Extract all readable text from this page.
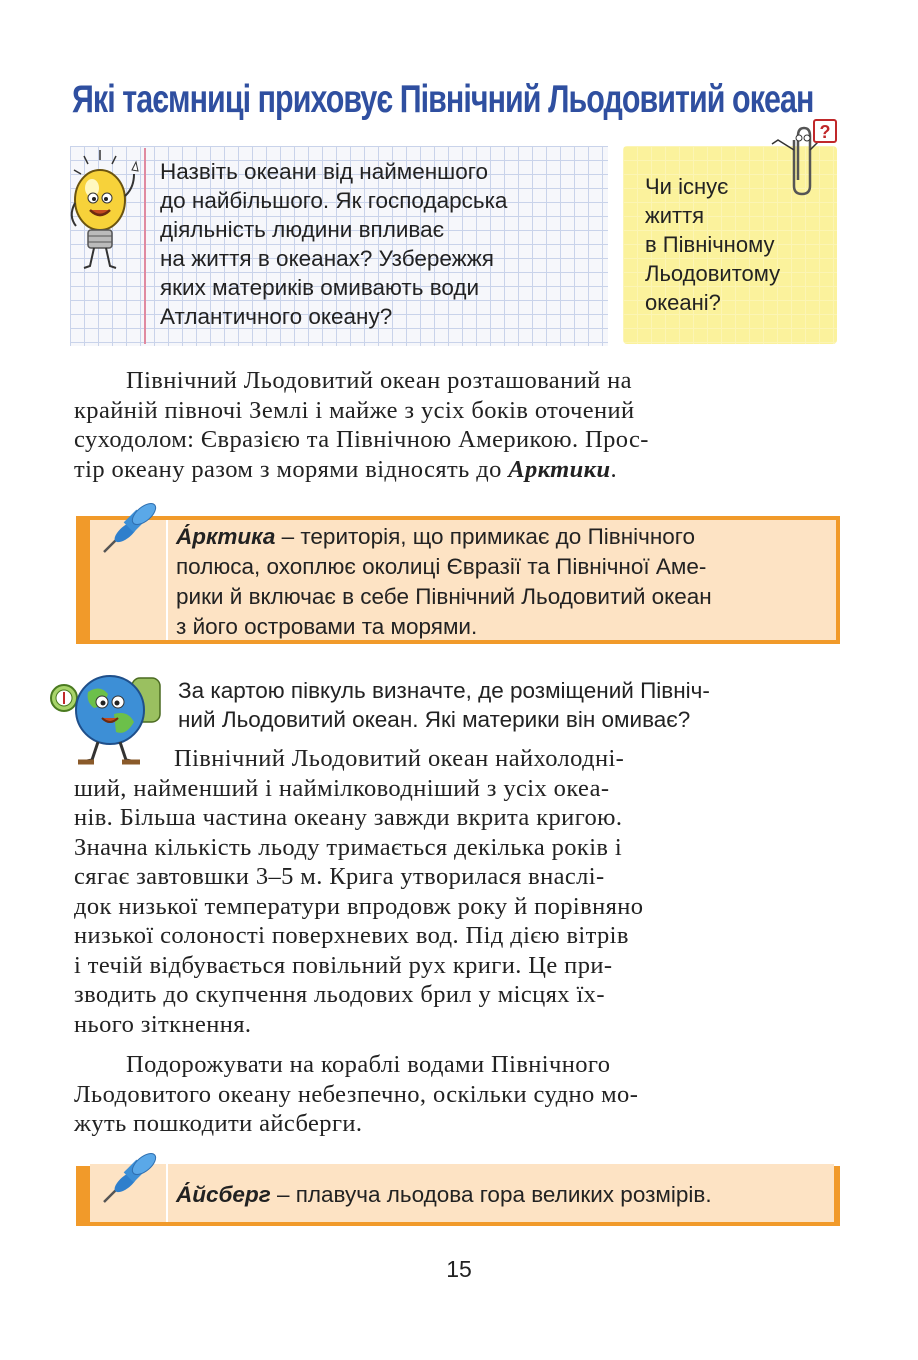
Які таємниці приховує Північний Льодовитий океан
Назвіть океани від найменшого
до найбільшого. Як господарська
діяльність людини впливає
на життя в океанах? Узбережжя
яких материків омивають води
Атлантичного океану?
?
Чи існує
життя
в Північному
Льодовитому
океані?
Північний Льодовитий океан розташований на
крайній півночі Землі і майже з усіх боків оточений
суходолом: Євразією та Північною Америкою. Прос-
тір океану разом з морями відносять до Арктики.
А́рктика – територія, що примикає до Північного
полюса, охоплює околиці Євразії та Північної Аме-
рики й включає в себе Північний Льодовитий океан
з його островами та морями.
За картою півкуль визначте, де розміщений Північ-
ний Льодовитий океан. Які материки він омиває?
Північний Льодовитий океан найхолодні-
ший, найменший і наймілководніший з усіх океа-
нів. Більша частина океану завжди вкрита кригою.
Значна кількість льоду тримається декілька років і
сягає завтовшки 3–5 м. Крига утворилася внаслі-
док низької температури впродовж року й порівняно
низької солоності поверхневих вод. Під дією вітрів
і течій відбувається повільний рух криги. Це при-
зводить до скупчення льодових брил у місцях їх-
нього зіткнення.
Подорожувати на кораблі водами Північного
Льодовитого океану небезпечно, оскільки судно мо-
жуть пошкодити айсберги.
А́йсберг – плавуча льодова гора великих розмірів.
15
